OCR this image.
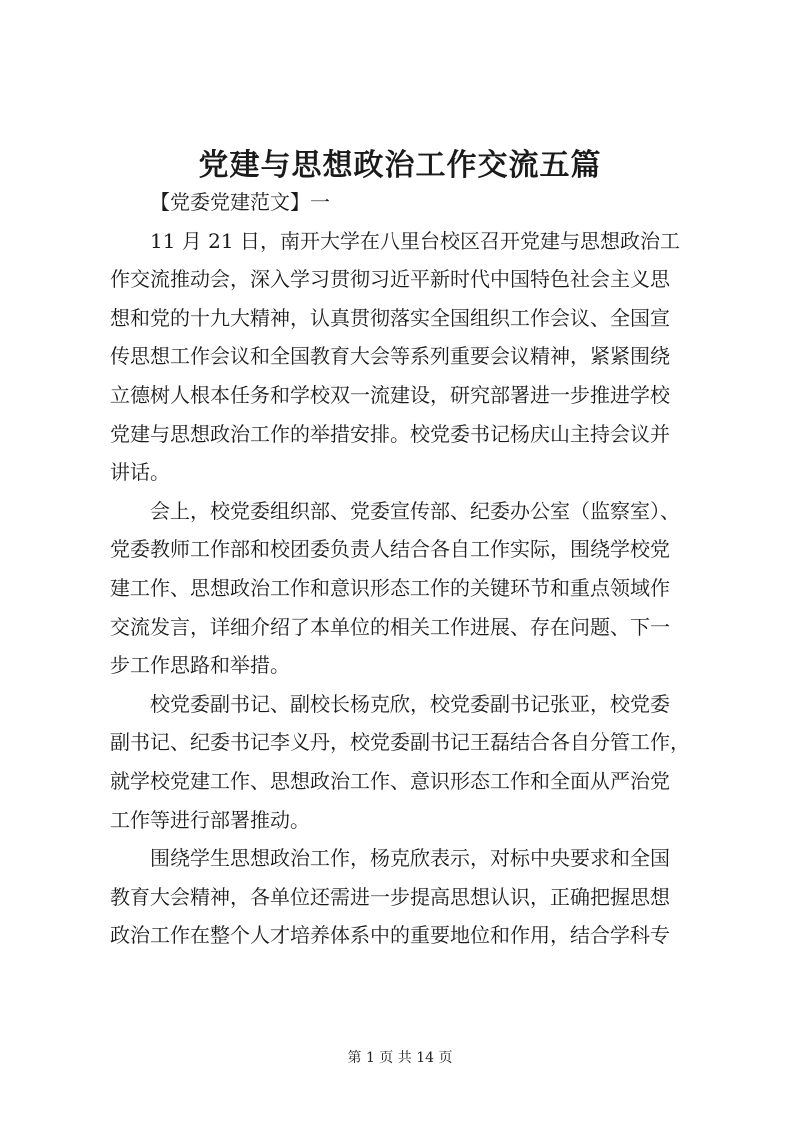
党建与思想政治工作交流五篇
【党委党建范文】一
11 月 21 日，南开大学在八里台校区召开党建与思想政治工
作交流推动会，深入学习贯彻习近平新时代中国特色社会主义思
想和党的十九大精神，认真贯彻落实全国组织工作会议、全国宣
传思想工作会议和全国教育大会等系列重要会议精神，紧紧围绕
立德树人根本任务和学校双一流建设，研究部署进一步推进学校
党建与思想政治工作的举措安排。校党委书记杨庆山主持会议并
讲话。
会上，校党委组织部、党委宣传部、纪委办公室（监察室）、
党委教师工作部和校团委负责人结合各自工作实际，围绕学校党
建工作、思想政治工作和意识形态工作的关键环节和重点领域作
交流发言，详细介绍了本单位的相关工作进展、存在问题、下一
步工作思路和举措。
校党委副书记、副校长杨克欣，校党委副书记张亚，校党委
副书记、纪委书记李义丹，校党委副书记王磊结合各自分管工作，
就学校党建工作、思想政治工作、意识形态工作和全面从严治党
工作等进行部署推动。
围绕学生思想政治工作，杨克欣表示，对标中央要求和全国
教育大会精神，各单位还需进一步提高思想认识，正确把握思想
政治工作在整个人才培养体系中的重要地位和作用，结合学科专
第 1 页 共 14 页
